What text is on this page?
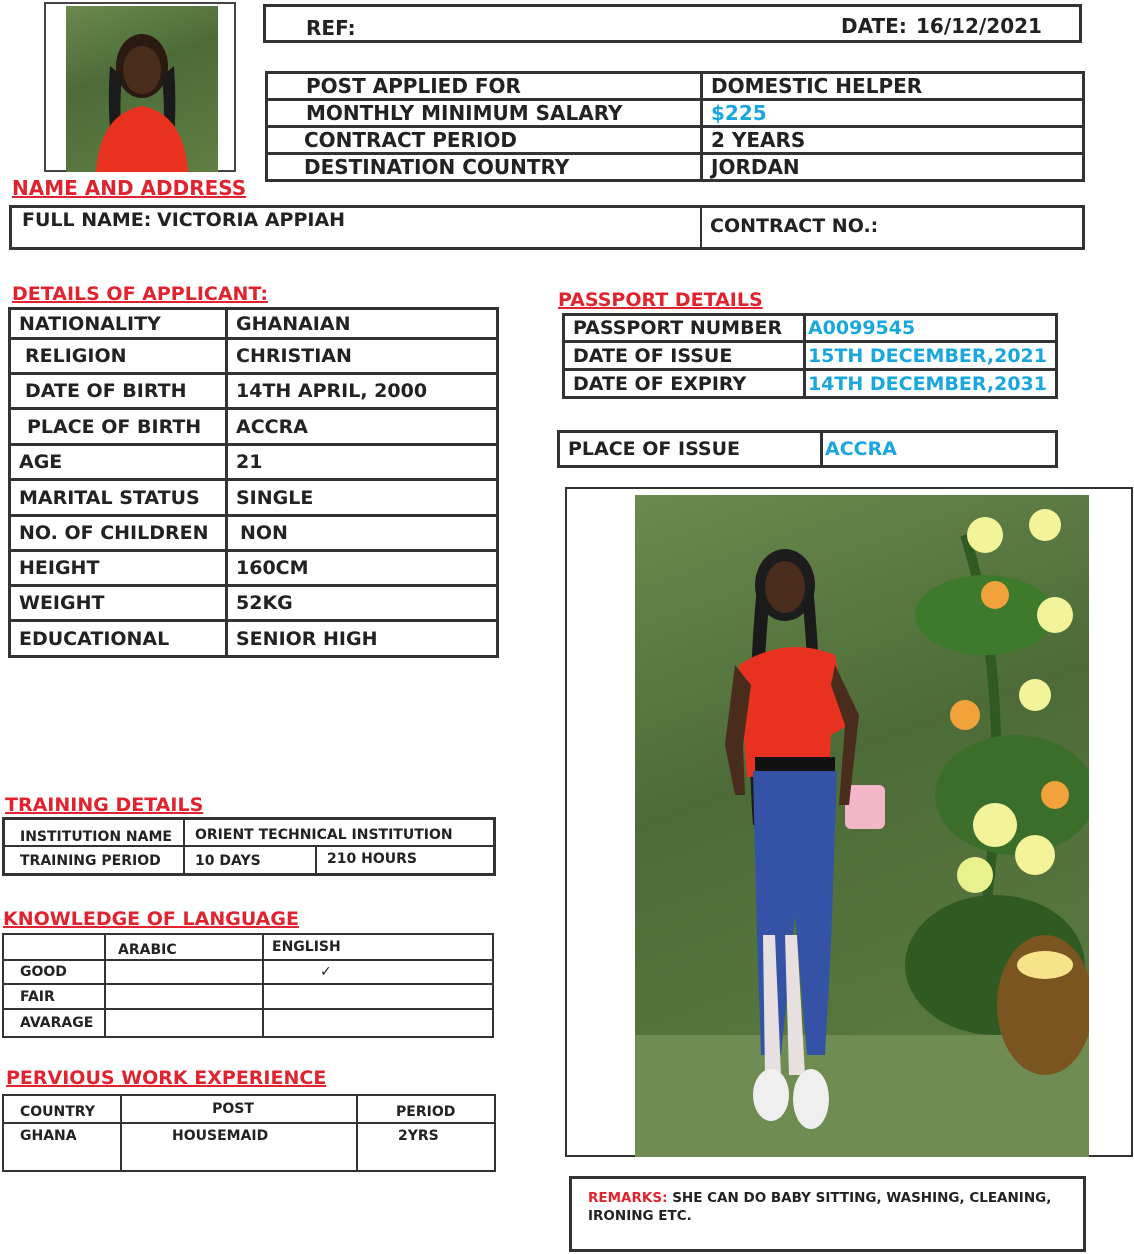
REF:	DATE: 16/12/2021
POST APPLIED FOR	DOMESTIC HELPER
MONTHLY MINIMUM SALARY	$225
CONTRACT PERIOD	2 YEARS
DESTINATION COUNTRY	JORDAN
NAME AND ADDRESS
FULL NAME: VICTORIA APPIAH	CONTRACT NO.:
DETAILS OF APPLICANT:
NATIONALITY	GHANAIAN
RELIGION	CHRISTIAN
DATE OF BIRTH	14TH APRIL, 2000
PLACE OF BIRTH	ACCRA
AGE	21
MARITAL STATUS	SINGLE
NO. OF CHILDREN	NON
HEIGHT	160CM
WEIGHT	52KG
EDUCATIONAL	SENIOR HIGH
PASSPORT DETAILS
PASSPORT NUMBER	A0099545
DATE OF ISSUE	15TH DECEMBER,2021
DATE OF EXPIRY	14TH DECEMBER,2031
PLACE OF ISSUE	ACCRA
TRAINING DETAILS
INSTITUTION NAME ORIENT TECHNICAL INSTITUTION
TRAINING PERIOD 10 DAYS	210 HOURS
KNOWLEDGE OF LANGUAGE
	ARABIC	ENGLISH
GOOD		✓
FAIR		
AVARAGE		
PERVIOUS WORK EXPERIENCE
COUNTRY	POST	PERIOD
GHANA	HOUSEMAID	2YRS
REMARKS: SHE CAN DO BABY SITTING, WASHING, CLEANING, IRONING ETC.
